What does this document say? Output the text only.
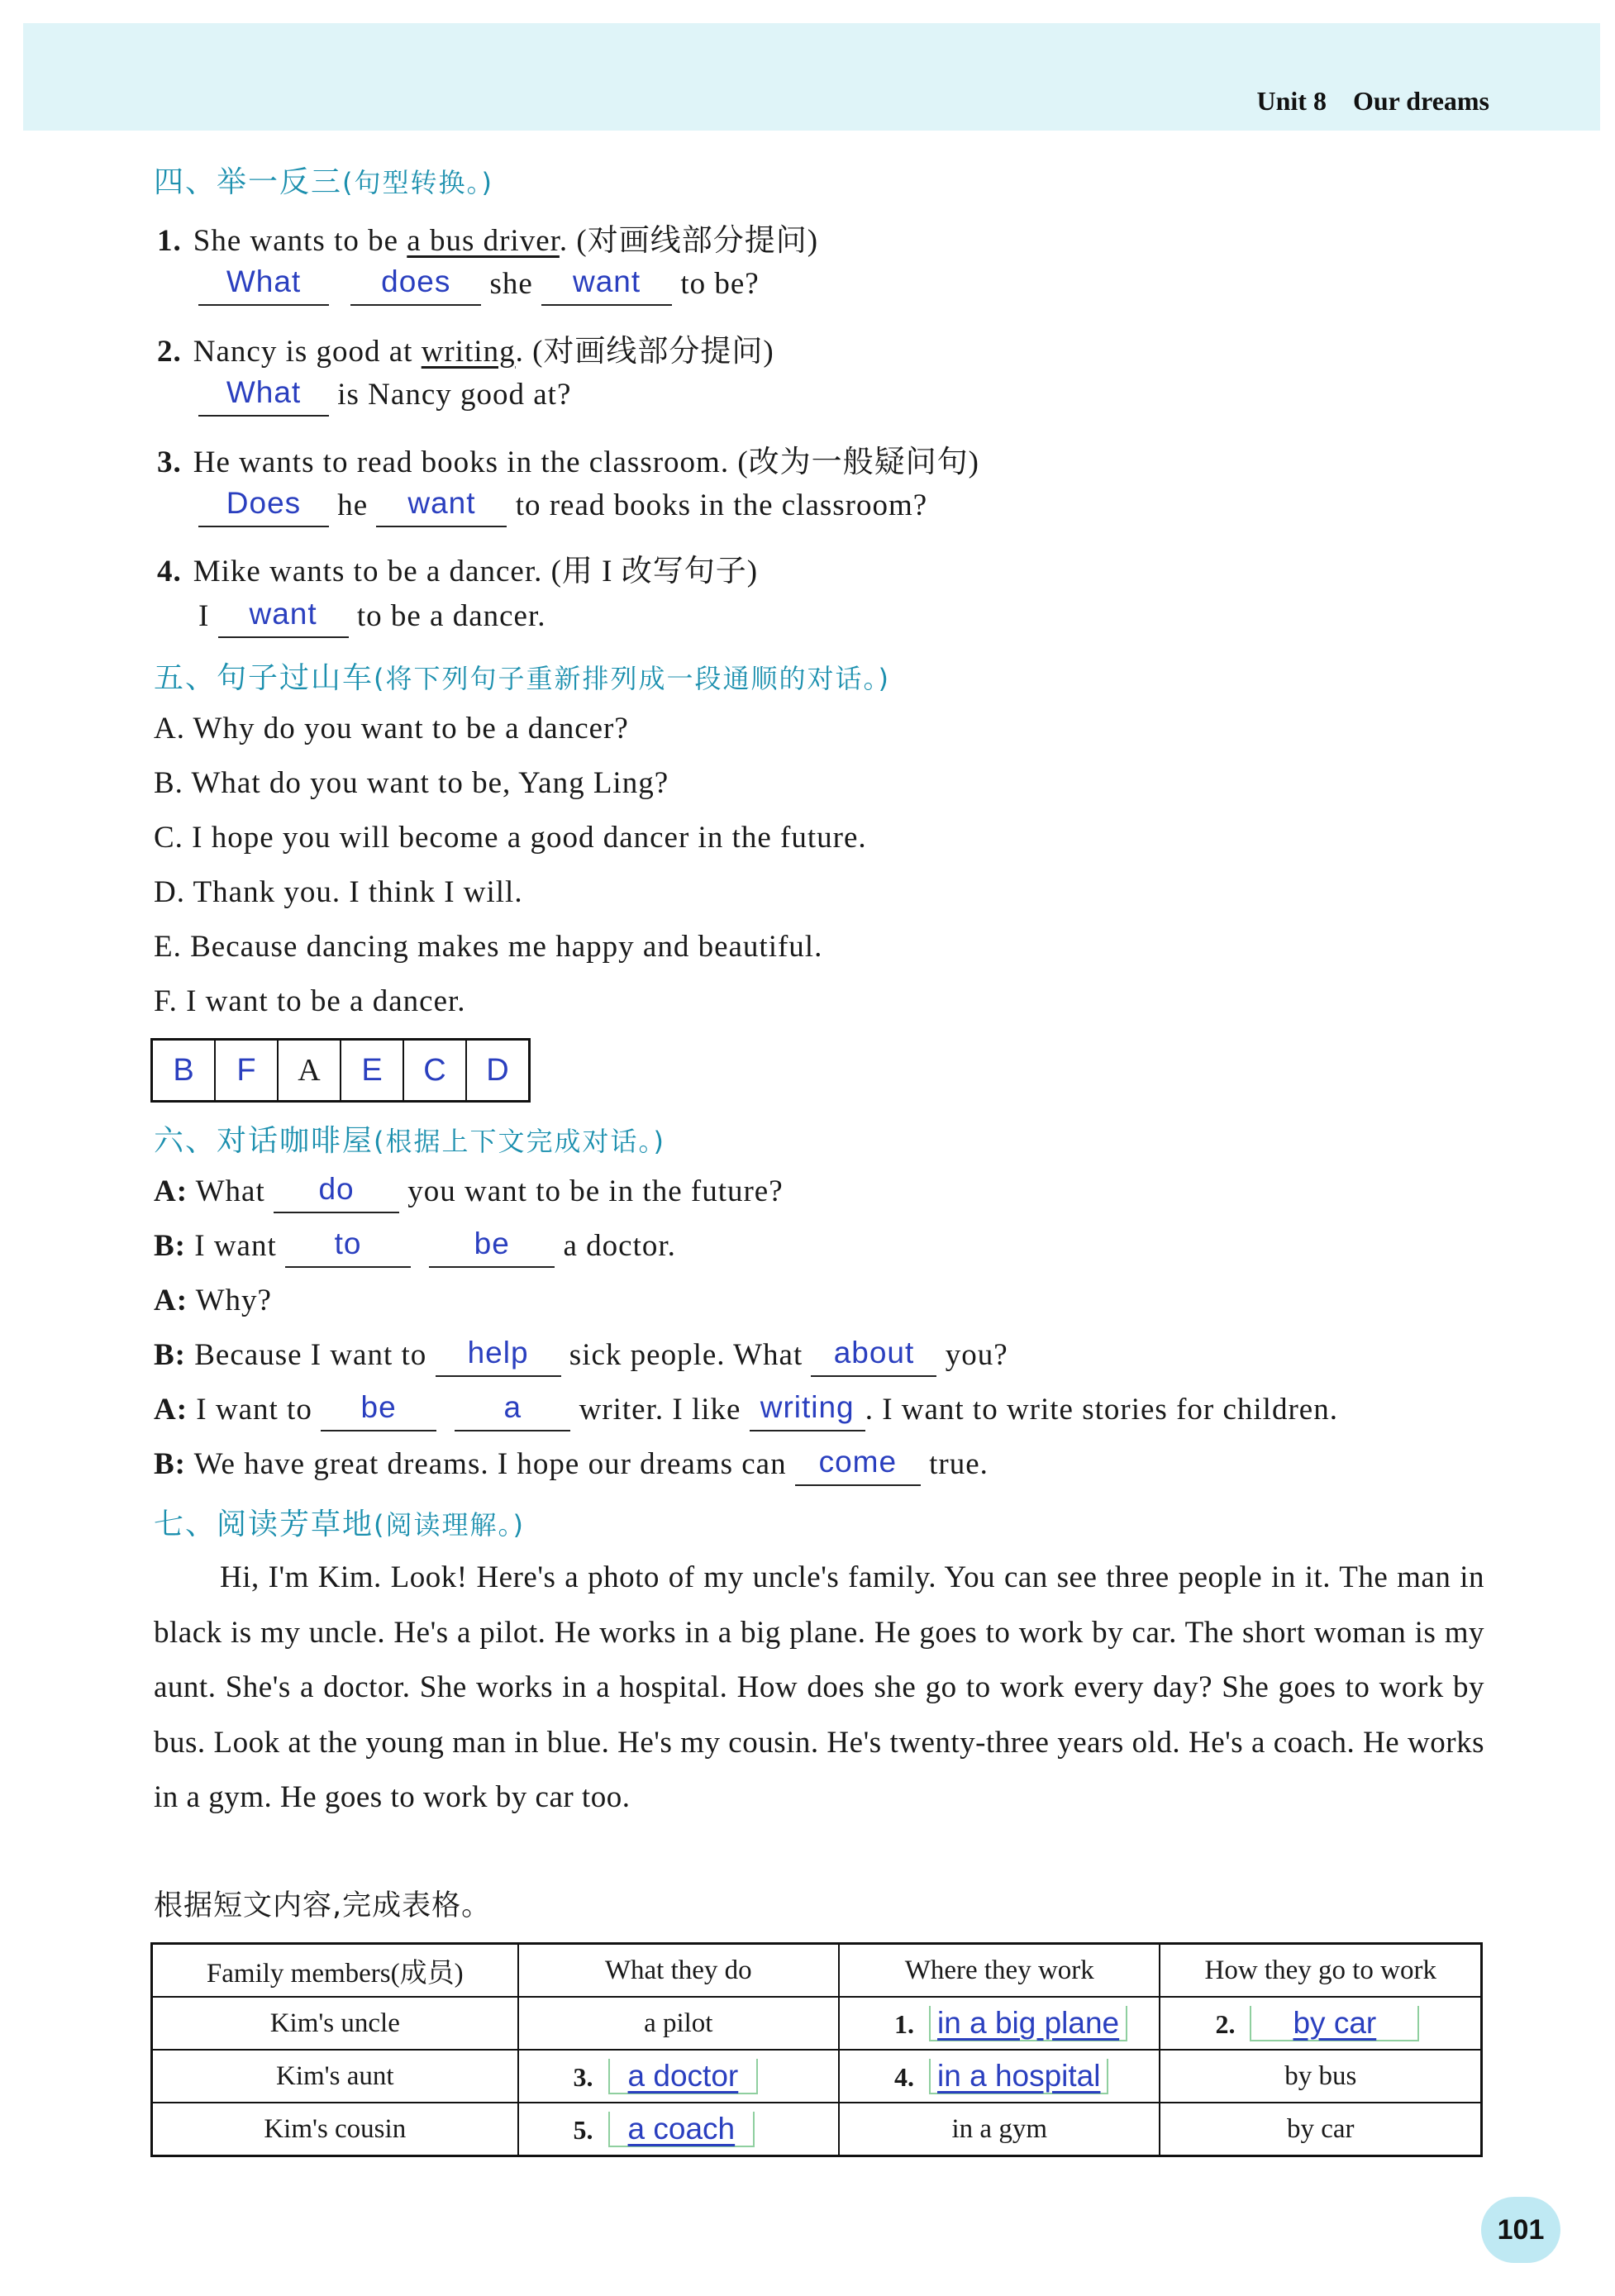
Unit 8 Our dreams
四、举一反三(句型转换。)
1. She wants to be a bus driver. (对画线部分提问)
What	does she want to be?
2. Nancy is good at writing. (对画线部分提问)
What is Nancy good at?
3. He wants to read books in the classroom. (改为一般疑问句)
Does he want to read books in the classroom?
4. Mike wants to be a dancer. (用 I 改写句子)
I want to be a dancer.
五、句子过山车(将下列句子重新排列成一段通顺的对话。)
A. Why do you want to be a dancer?
B. What do you want to be, Yang Ling?
C. I hope you will become a good dancer in the future.
D. Thank you. I think I will.
E. Because dancing makes me happy and beautiful.
F. I want to be a dancer.
B	F	A	E	C	D
六、对话咖啡屋(根据上下文完成对话。)
A: What do you want to be in the future?
B: I want to	be a doctor.
A: Why?
B: Because I want to help sick people. What about you?
A: I want to be	a writer. I like writing . I want to write stories for children.
B: We have great dreams. I hope our dreams can come true.
七、阅读芳草地(阅读理解。)
Hi, I'm Kim. Look! Here's a photo of my uncle's family. You can see three people in it. The man in black is my uncle. He's a pilot. He works in a big plane. He goes to work by car. The short woman is my aunt. She's a doctor. She works in a hospital. How does she go to work every day? She goes to work by bus. Look at the young man in blue. He's my cousin. He's twenty-three years old. He's a coach. He works in a gym. He goes to work by car too.
根据短文内容,完成表格。
Family members(成员)	What they do	Where they work	How they go to work
Kim's uncle	a pilot	1. in a big plane	2. by car
Kim's aunt	3. a doctor	4. in a hospital	by bus
Kim's cousin	5. a coach	in a gym	by car
101
